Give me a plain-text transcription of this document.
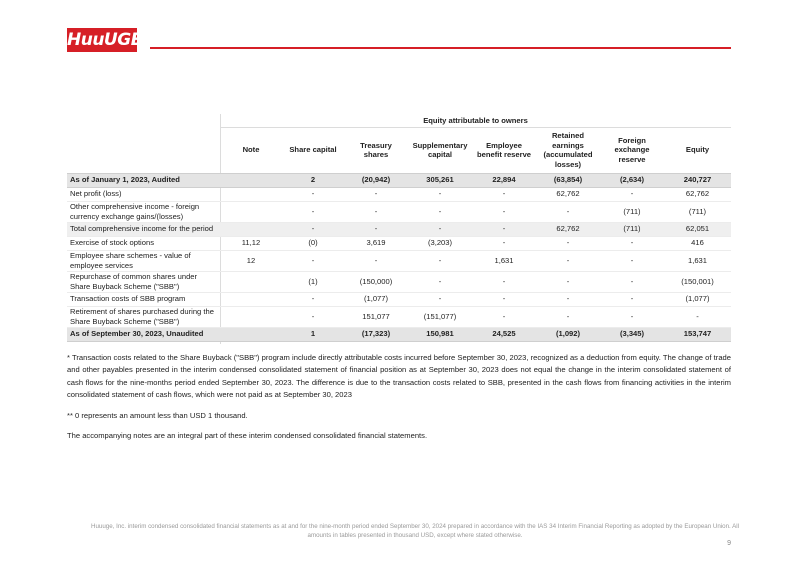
HuuUGE
	Equity attributable to owners							
	Note	Share capital	Treasury shares	Supplementary capital	Employee benefit reserve	Retained earnings (accumulated losses)	Foreign exchange reserve	Equity
As of January 1, 2023, Audited		2	(20,942)	305,261	22,894	(63,854)	(2,634)	240,727
Net profit (loss)		-	-	-	-	62,762	-	62,762
Other comprehensive income - foreign currency exchange gains/(losses)		-	-	-	-	-	(711)	(711)
Total comprehensive income for the period		-	-	-	-	62,762	(711)	62,051
Exercise of stock options	11,12	(0)	3,619	(3,203)	-	-	-	416
Employee share schemes - value of employee services	12	-	-	-	1,631	-	-	1,631
Repurchase of common shares under Share Buyback Scheme ("SBB")		(1)	(150,000)	-	-	-	-	(150,001)
Transaction costs of SBB program		-	(1,077)	-	-	-	-	(1,077)
Retirement of shares purchased during the Share Buyback Scheme ("SBB")		-	151,077	(151,077)	-	-	-	-
As of September 30, 2023, Unaudited		1	(17,323)	150,981	24,525	(1,092)	(3,345)	153,747

* Transaction costs related to the Share Buyback ("SBB") program include directly attributable costs incurred before September 30, 2023, recognized as a deduction from equity. The change of trade and other payables presented in the interim condensed consolidated statement of financial position as at September 30, 2023 does not equal the change in the interim consolidated statement of cash flows for the nine-months period ended September 30, 2023. The difference is due to the transaction costs related to SBB, presented in the cash flows from financing activities in the interim consolidated statement of cash flows, which were not paid as at September 30, 2023

** 0 represents an amount less than USD 1 thousand.

The accompanying notes are an integral part of these interim condensed consolidated financial statements.

Huuuge, Inc. interim condensed consolidated financial statements as at and for the nine-month period ended September 30, 2024 prepared in accordance with the IAS 34 Interim Financial Reporting as adopted by the European Union. All amounts in tables presented in thousand USD, except where stated otherwise.
9
